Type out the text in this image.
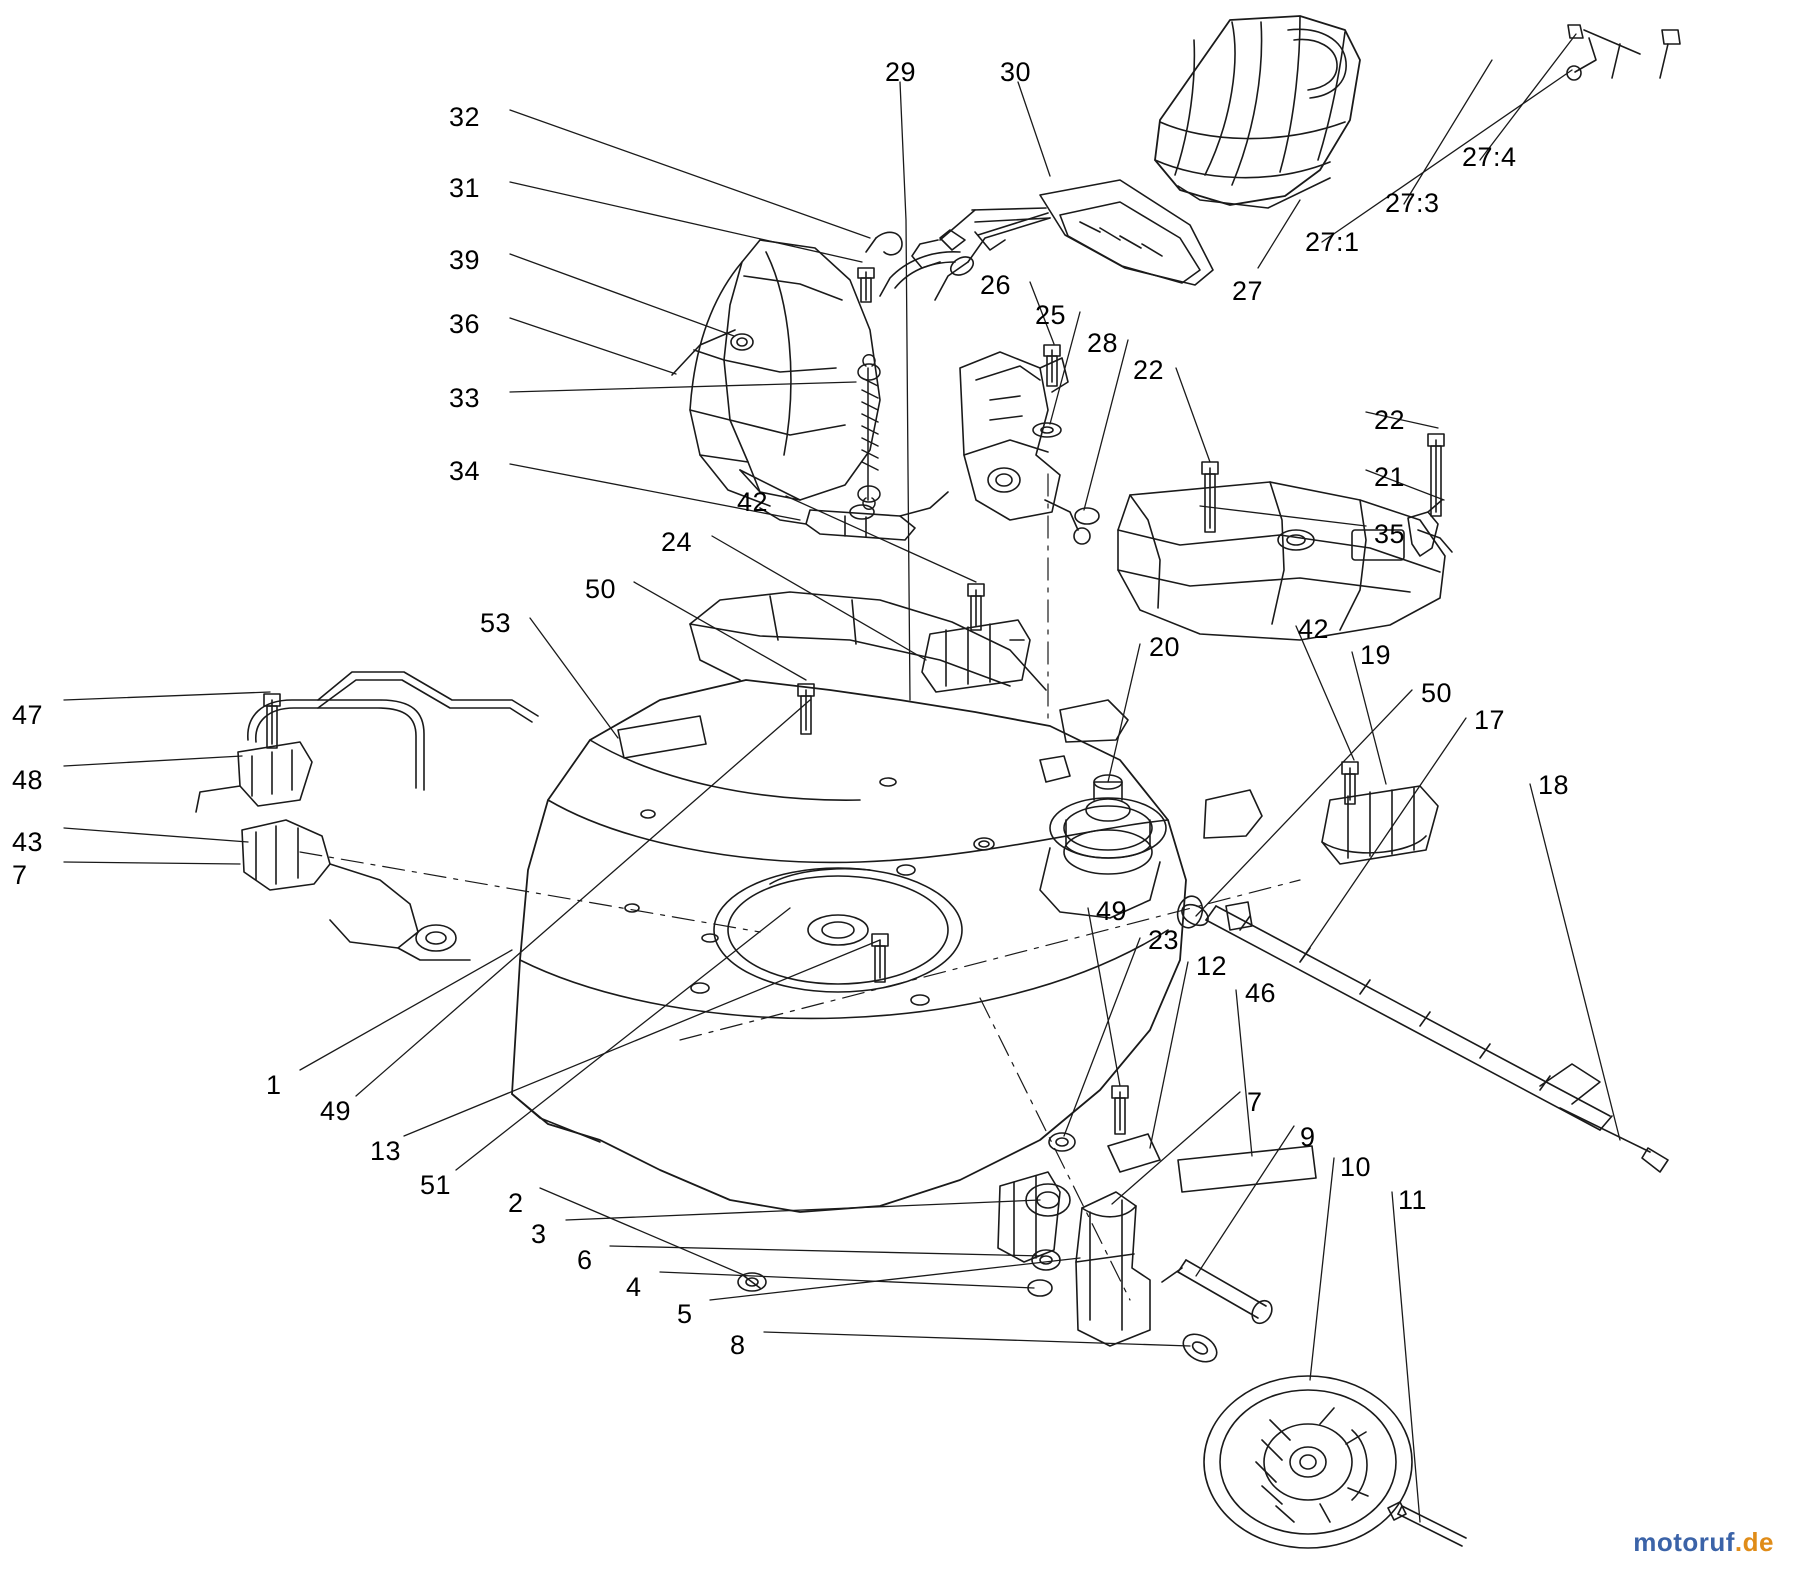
32
31
39
36
33
34
29	30
27:4
27:3
27:1
27
26
25
28
22
22
21
35
42
24
50
53
20
42
19
50
17
18
47
48
43
7
49
23
12
46
1
49
13
51
2
3
6
4
5
8
7
9
10
11
motoruf.de
